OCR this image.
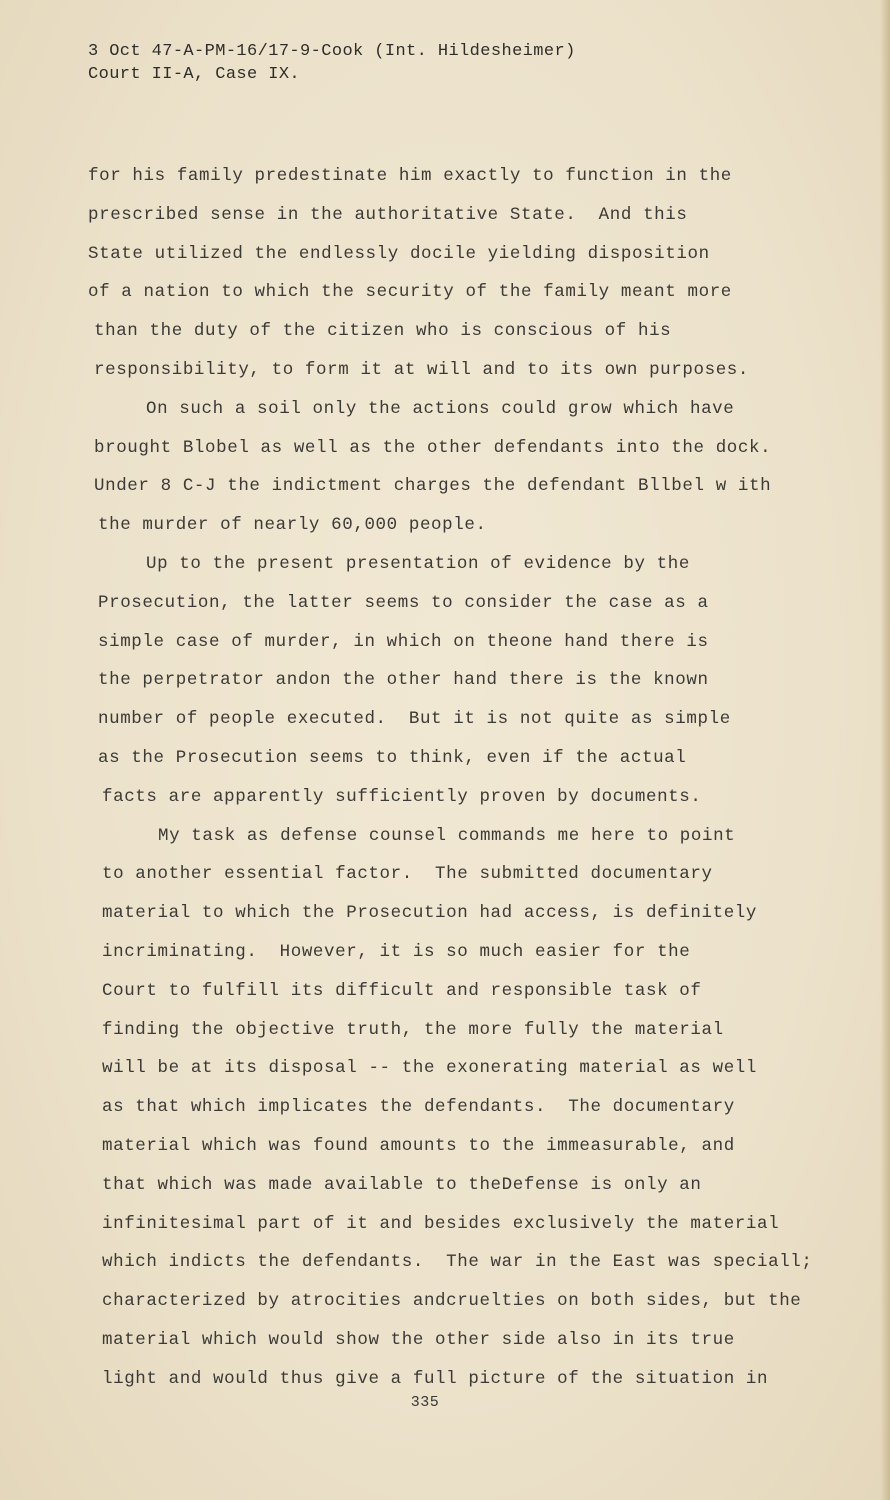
3 Oct 47-A-PM-16/17-9-Cook (Int. Hildesheimer)
Court II-A, Case IX.
for his family predestinate him exactly to function in the
prescribed sense in the authoritative State.  And this
State utilized the endlessly docile yielding disposition
of a nation to which the security of the family meant more
than the duty of the citizen who is conscious of his
responsibility, to form it at will and to its own purposes.
On such a soil only the actions could grow which have
brought Blobel as well as the other defendants into the dock.
Under 8 C-J the indictment charges the defendant Bllbel w ith
the murder of nearly 60,000 people.
Up to the present presentation of evidence by the
Prosecution, the latter seems to consider the case as a
simple case of murder, in which on theone hand there is
the perpetrator andon the other hand there is the known
number of people executed.  But it is not quite as simple
as the Prosecution seems to think, even if the actual
facts are apparently sufficiently proven by documents.
My task as defense counsel commands me here to point
to another essential factor.  The submitted documentary
material to which the Prosecution had access, is definitely
incriminating.  However, it is so much easier for the
Court to fulfill its difficult and responsible task of
finding the objective truth, the more fully the material
will be at its disposal -- the exonerating material as well
as that which implicates the defendants.  The documentary
material which was found amounts to the immeasurable, and
that which was made available to theDefense is only an
infinitesimal part of it and besides exclusively the material
which indicts the defendants.  The war in the East was speciall;
characterized by atrocities andcruelties on both sides, but the
material which would show the other side also in its true
light and would thus give a full picture of the situation in
335
